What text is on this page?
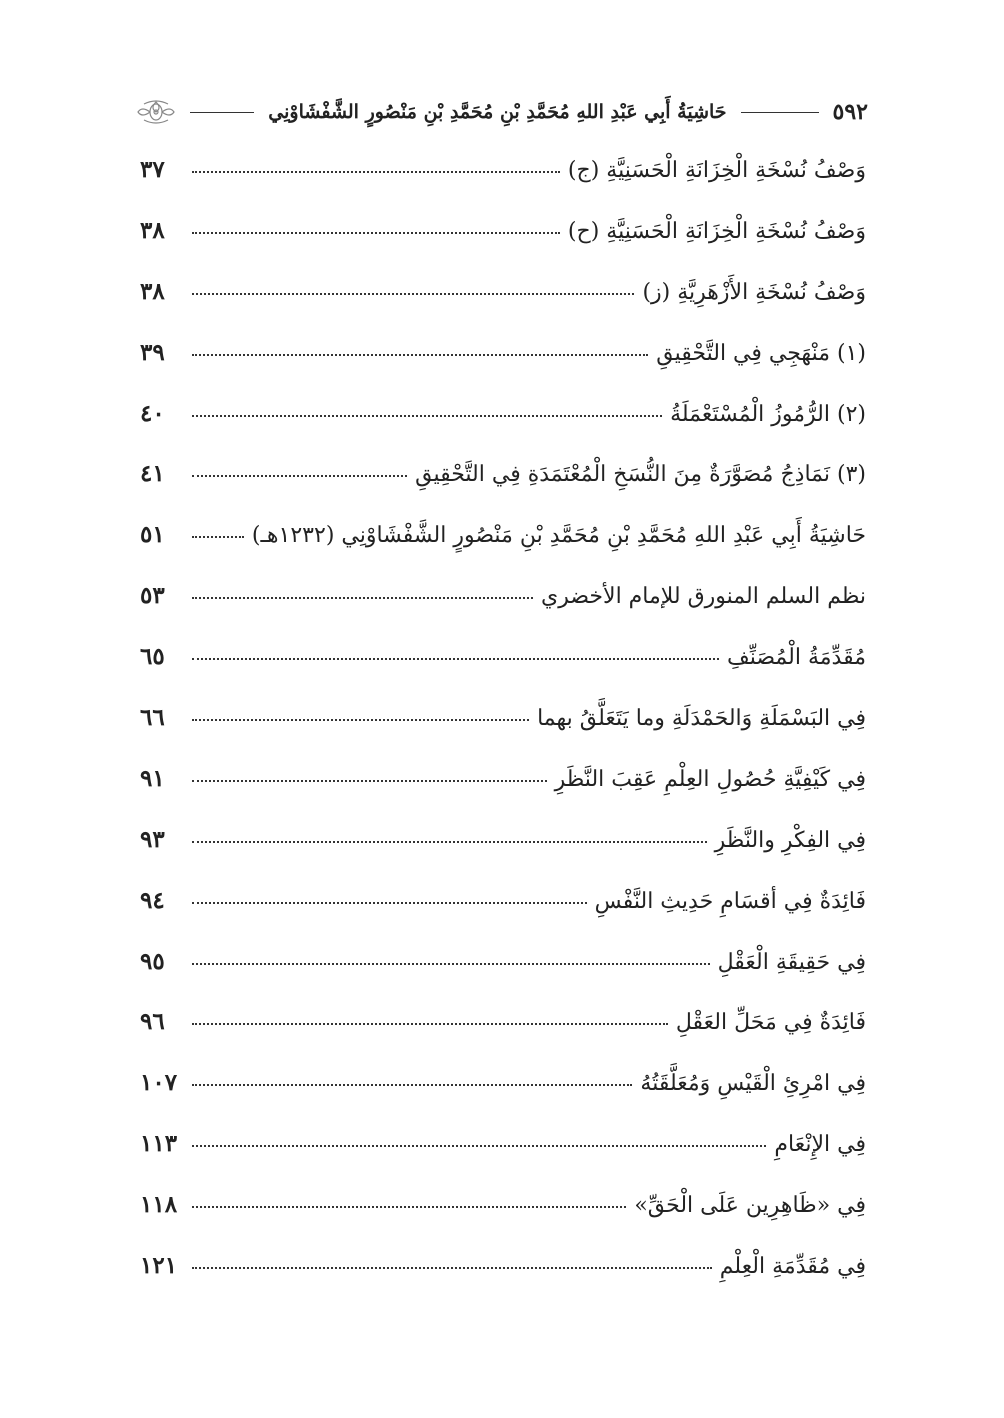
٥٩٢
حَاشِيَةُ أَبِي عَبْدِ اللهِ مُحَمَّدِ بْنِ مُحَمَّدِ بْنِ مَنْصُورٍ الشَّفْشَاوْنِي
وَصْفُ نُسْخَةِ الْخِزَانَةِ الْحَسَنِيَّةِ (ج)
٣٧
وَصْفُ نُسْخَةِ الْخِزَانَةِ الْحَسَنِيَّةِ (ح)
٣٨
وَصْفُ نُسْخَةِ الأَزْهَرِيَّةِ (ز)
٣٨
(١) مَنْهَجِي فِي التَّحْقِيقِ
٣٩
(٢) الرُّمُوزُ الْمُسْتَعْمَلَةُ
٤٠
(٣) نَمَاذِجُ مُصَوَّرَةٌ مِنَ النُّسَخِ الْمُعْتَمَدَةِ فِي التَّحْقِيقِ
٤١
حَاشِيَةُ أَبِي عَبْدِ اللهِ مُحَمَّدِ بْنِ مُحَمَّدِ بْنِ مَنْصُورٍ الشَّفْشَاوْنِي (١٢٣٢هـ)
٥١
نظم السلم المنورق للإمام الأخضري
٥٣
مُقَدِّمَةُ الْمُصَنِّفِ
٦٥
فِي البَسْمَلَةِ وَالحَمْدَلَةِ وما يَتَعَلَّقُ بهما
٦٦
فِي كَيْفِيَّةِ حُصُولِ العِلْمِ عَقِبَ النَّظَرِ
٩١
فِي الفِكْرِ والنَّظَرِ
٩٣
فَائِدَةٌ فِي أقسَامِ حَدِيثِ النَّفْسِ
٩٤
فِي حَقِيقَةِ الْعَقْلِ
٩٥
فَائِدَةٌ فِي مَحَلِّ العَقْلِ
٩٦
فِي امْرِئِ الْقَيْسِ وَمُعَلَّقَتُهُ
١٠٧
فِي الإِنْعَامِ
١١٣
فِي «ظَاهِرِين عَلَى الْحَقِّ»
١١٨
فِي مُقَدِّمَةِ الْعِلْمِ
١٢١
